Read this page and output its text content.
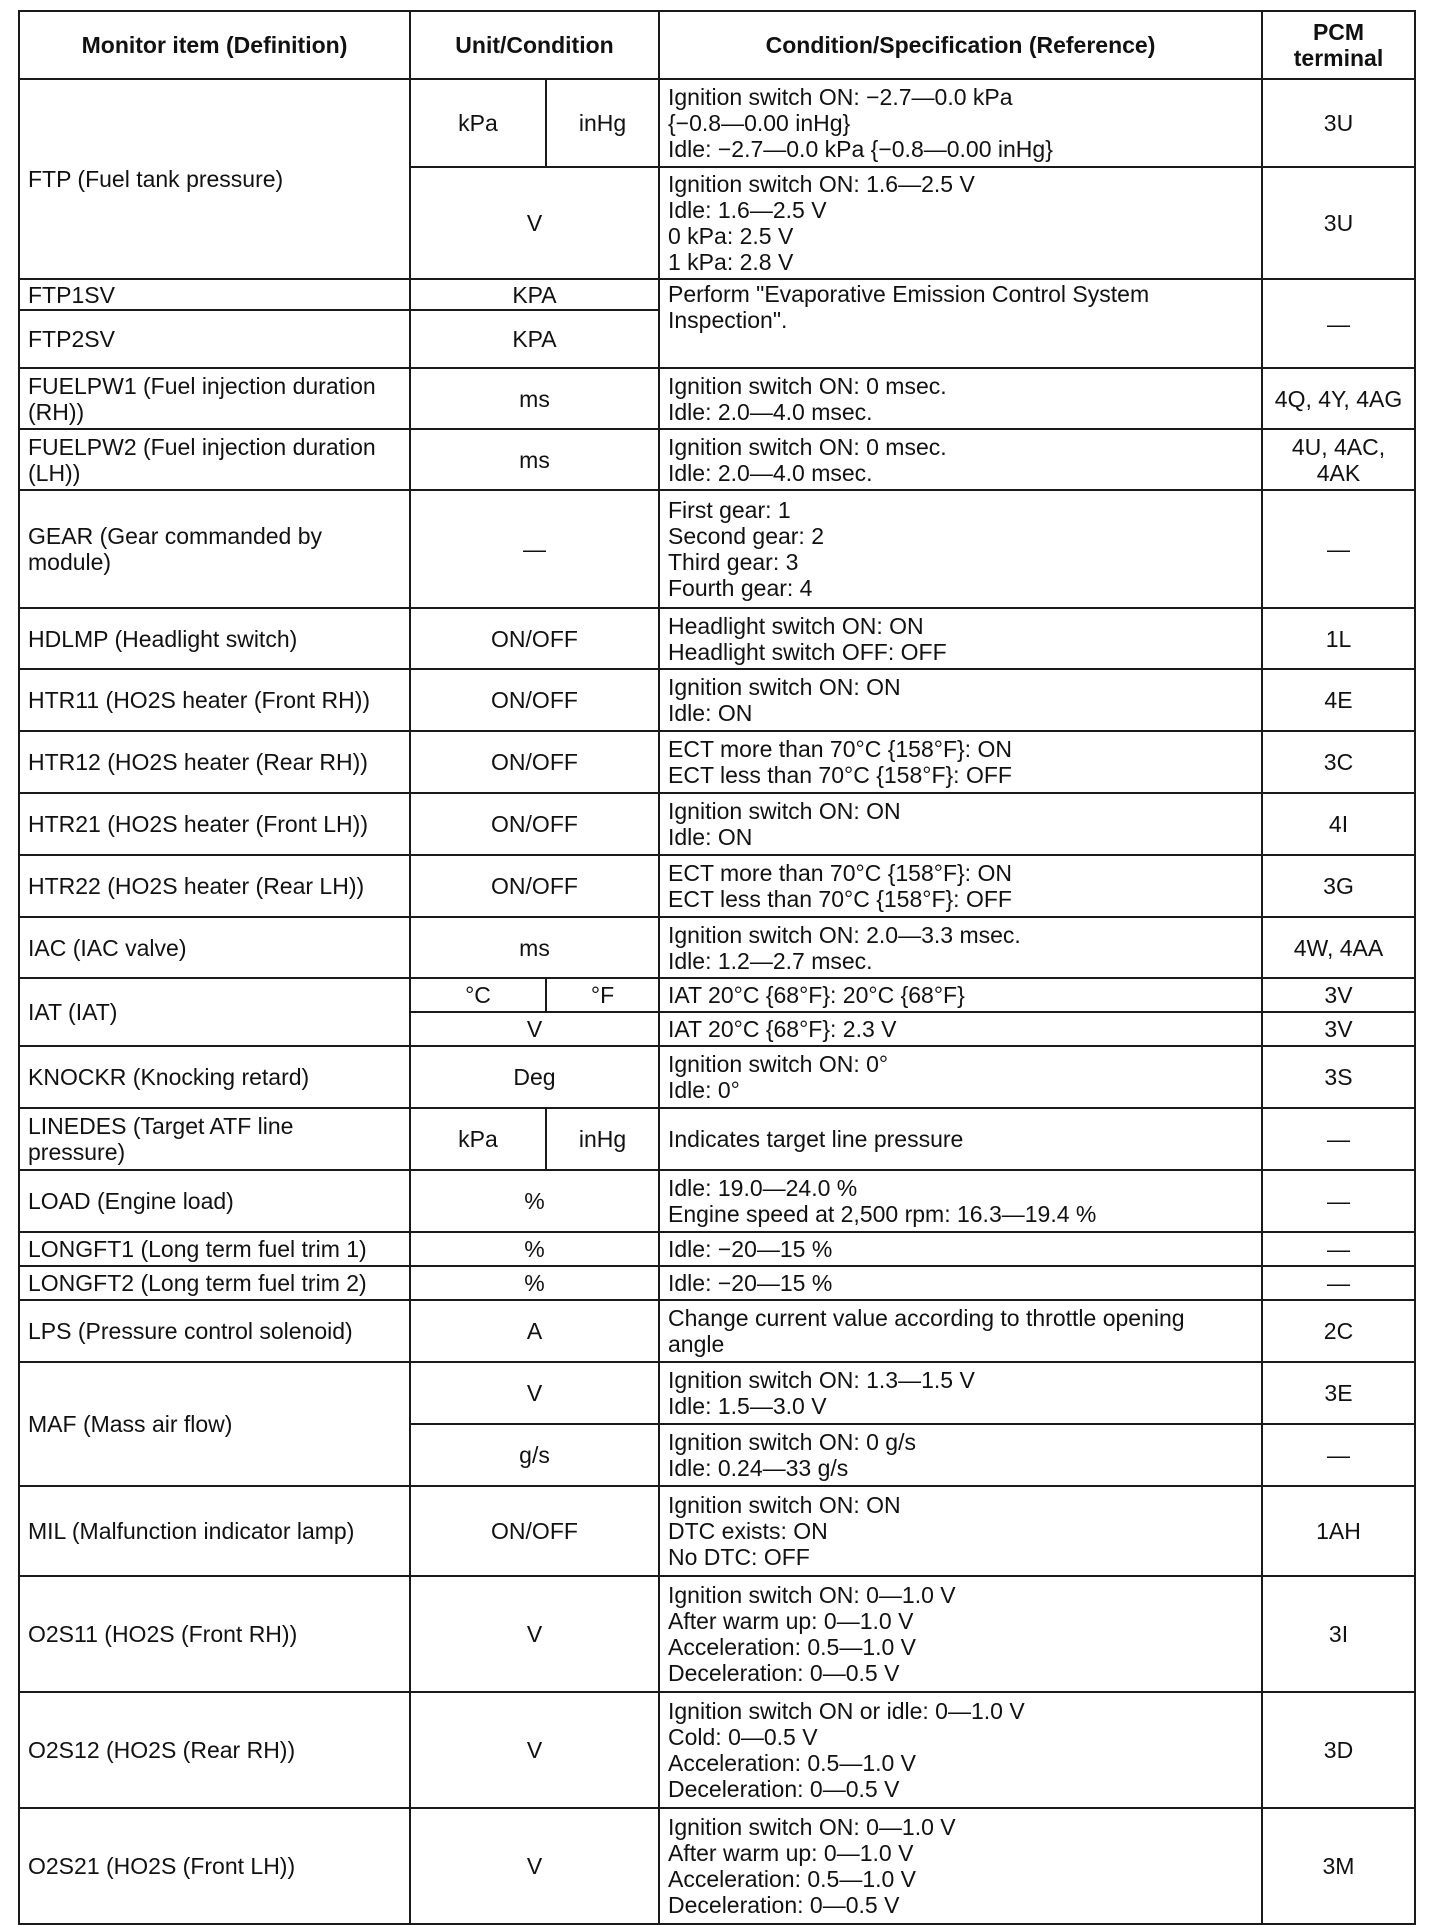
Monitor item (Definition)	Unit/Condition		Condition/Specification (Reference)	PCM terminal
FTP (Fuel tank pressure)	kPa	inHg	Ignition switch ON: −2.7—0.0 kPa
{−0.8—0.00 inHg}
Idle: −2.7—0.0 kPa {−0.8—0.00 inHg}	3U
	V		Ignition switch ON: 1.6—2.5 V
Idle: 1.6—2.5 V
0 kPa: 2.5 V
1 kPa: 2.8 V	3U
FTP1SV	KPA		Perform "Evaporative Emission Control System
Inspection".	—
FTP2SV	KPA			

FUELPW1 (Fuel injection duration
(RH))	ms		Ignition switch ON: 0 msec.
Idle: 2.0—4.0 msec.	4Q, 4Y, 4AG

FUELPW2 (Fuel injection duration
(LH))	ms		Ignition switch ON: 0 msec.
Idle: 2.0—4.0 msec.	4U, 4AC, 4AK

GEAR (Gear commanded by
module)	—		First gear: 1
Second gear: 2
Third gear: 3
Fourth gear: 4	—
HDLMP (Headlight switch)	ON/OFF		Headlight switch ON: ON
Headlight switch OFF: OFF	1L
HTR11 (HO2S heater (Front RH))	ON/OFF		Ignition switch ON: ON
Idle: ON	4E
HTR12 (HO2S heater (Rear RH))	ON/OFF		ECT more than 70°C {158°F}: ON
ECT less than 70°C {158°F}: OFF	3C
HTR21 (HO2S heater (Front LH))	ON/OFF		Ignition switch ON: ON
Idle: ON	4I
HTR22 (HO2S heater (Rear LH))	ON/OFF		ECT more than 70°C {158°F}: ON
ECT less than 70°C {158°F}: OFF	3G
IAC (IAC valve)	ms		Ignition switch ON: 2.0—3.3 msec.
Idle: 1.2—2.7 msec.	4W, 4AA
IAT (IAT)	°C	°F	IAT 20°C {68°F}: 20°C {68°F}	3V
	V		IAT 20°C {68°F}: 2.3 V	3V
KNOCKR (Knocking retard)	Deg		Ignition switch ON: 0°
Idle: 0°	3S

LINEDES (Target ATF line
pressure)	kPa	inHg	Indicates target line pressure	—
LOAD (Engine load)	%		Idle: 19.0—24.0 %
Engine speed at 2,500 rpm: 16.3—19.4 %	—
LONGFT1 (Long term fuel trim 1)	%		Idle: −20—15 %	—
LONGFT2 (Long term fuel trim 2)	%		Idle: −20—15 %	—
LPS (Pressure control solenoid)	A		Change current value according to throttle opening
angle	2C
MAF (Mass air flow)	V		Ignition switch ON: 1.3—1.5 V
Idle: 1.5—3.0 V	3E
	g/s		Ignition switch ON: 0 g/s
Idle: 0.24—33 g/s	—
MIL (Malfunction indicator lamp)	ON/OFF		Ignition switch ON: ON
DTC exists: ON
No DTC: OFF	1AH
O2S11 (HO2S (Front RH))	V		Ignition switch ON: 0—1.0 V
After warm up: 0—1.0 V
Acceleration: 0.5—1.0 V
Deceleration: 0—0.5 V	3I
O2S12 (HO2S (Rear RH))	V		Ignition switch ON or idle: 0—1.0 V
Cold: 0—0.5 V
Acceleration: 0.5—1.0 V
Deceleration: 0—0.5 V	3D
O2S21 (HO2S (Front LH))	V		Ignition switch ON: 0—1.0 V
After warm up: 0—1.0 V
Acceleration: 0.5—1.0 V
Deceleration: 0—0.5 V	3M
